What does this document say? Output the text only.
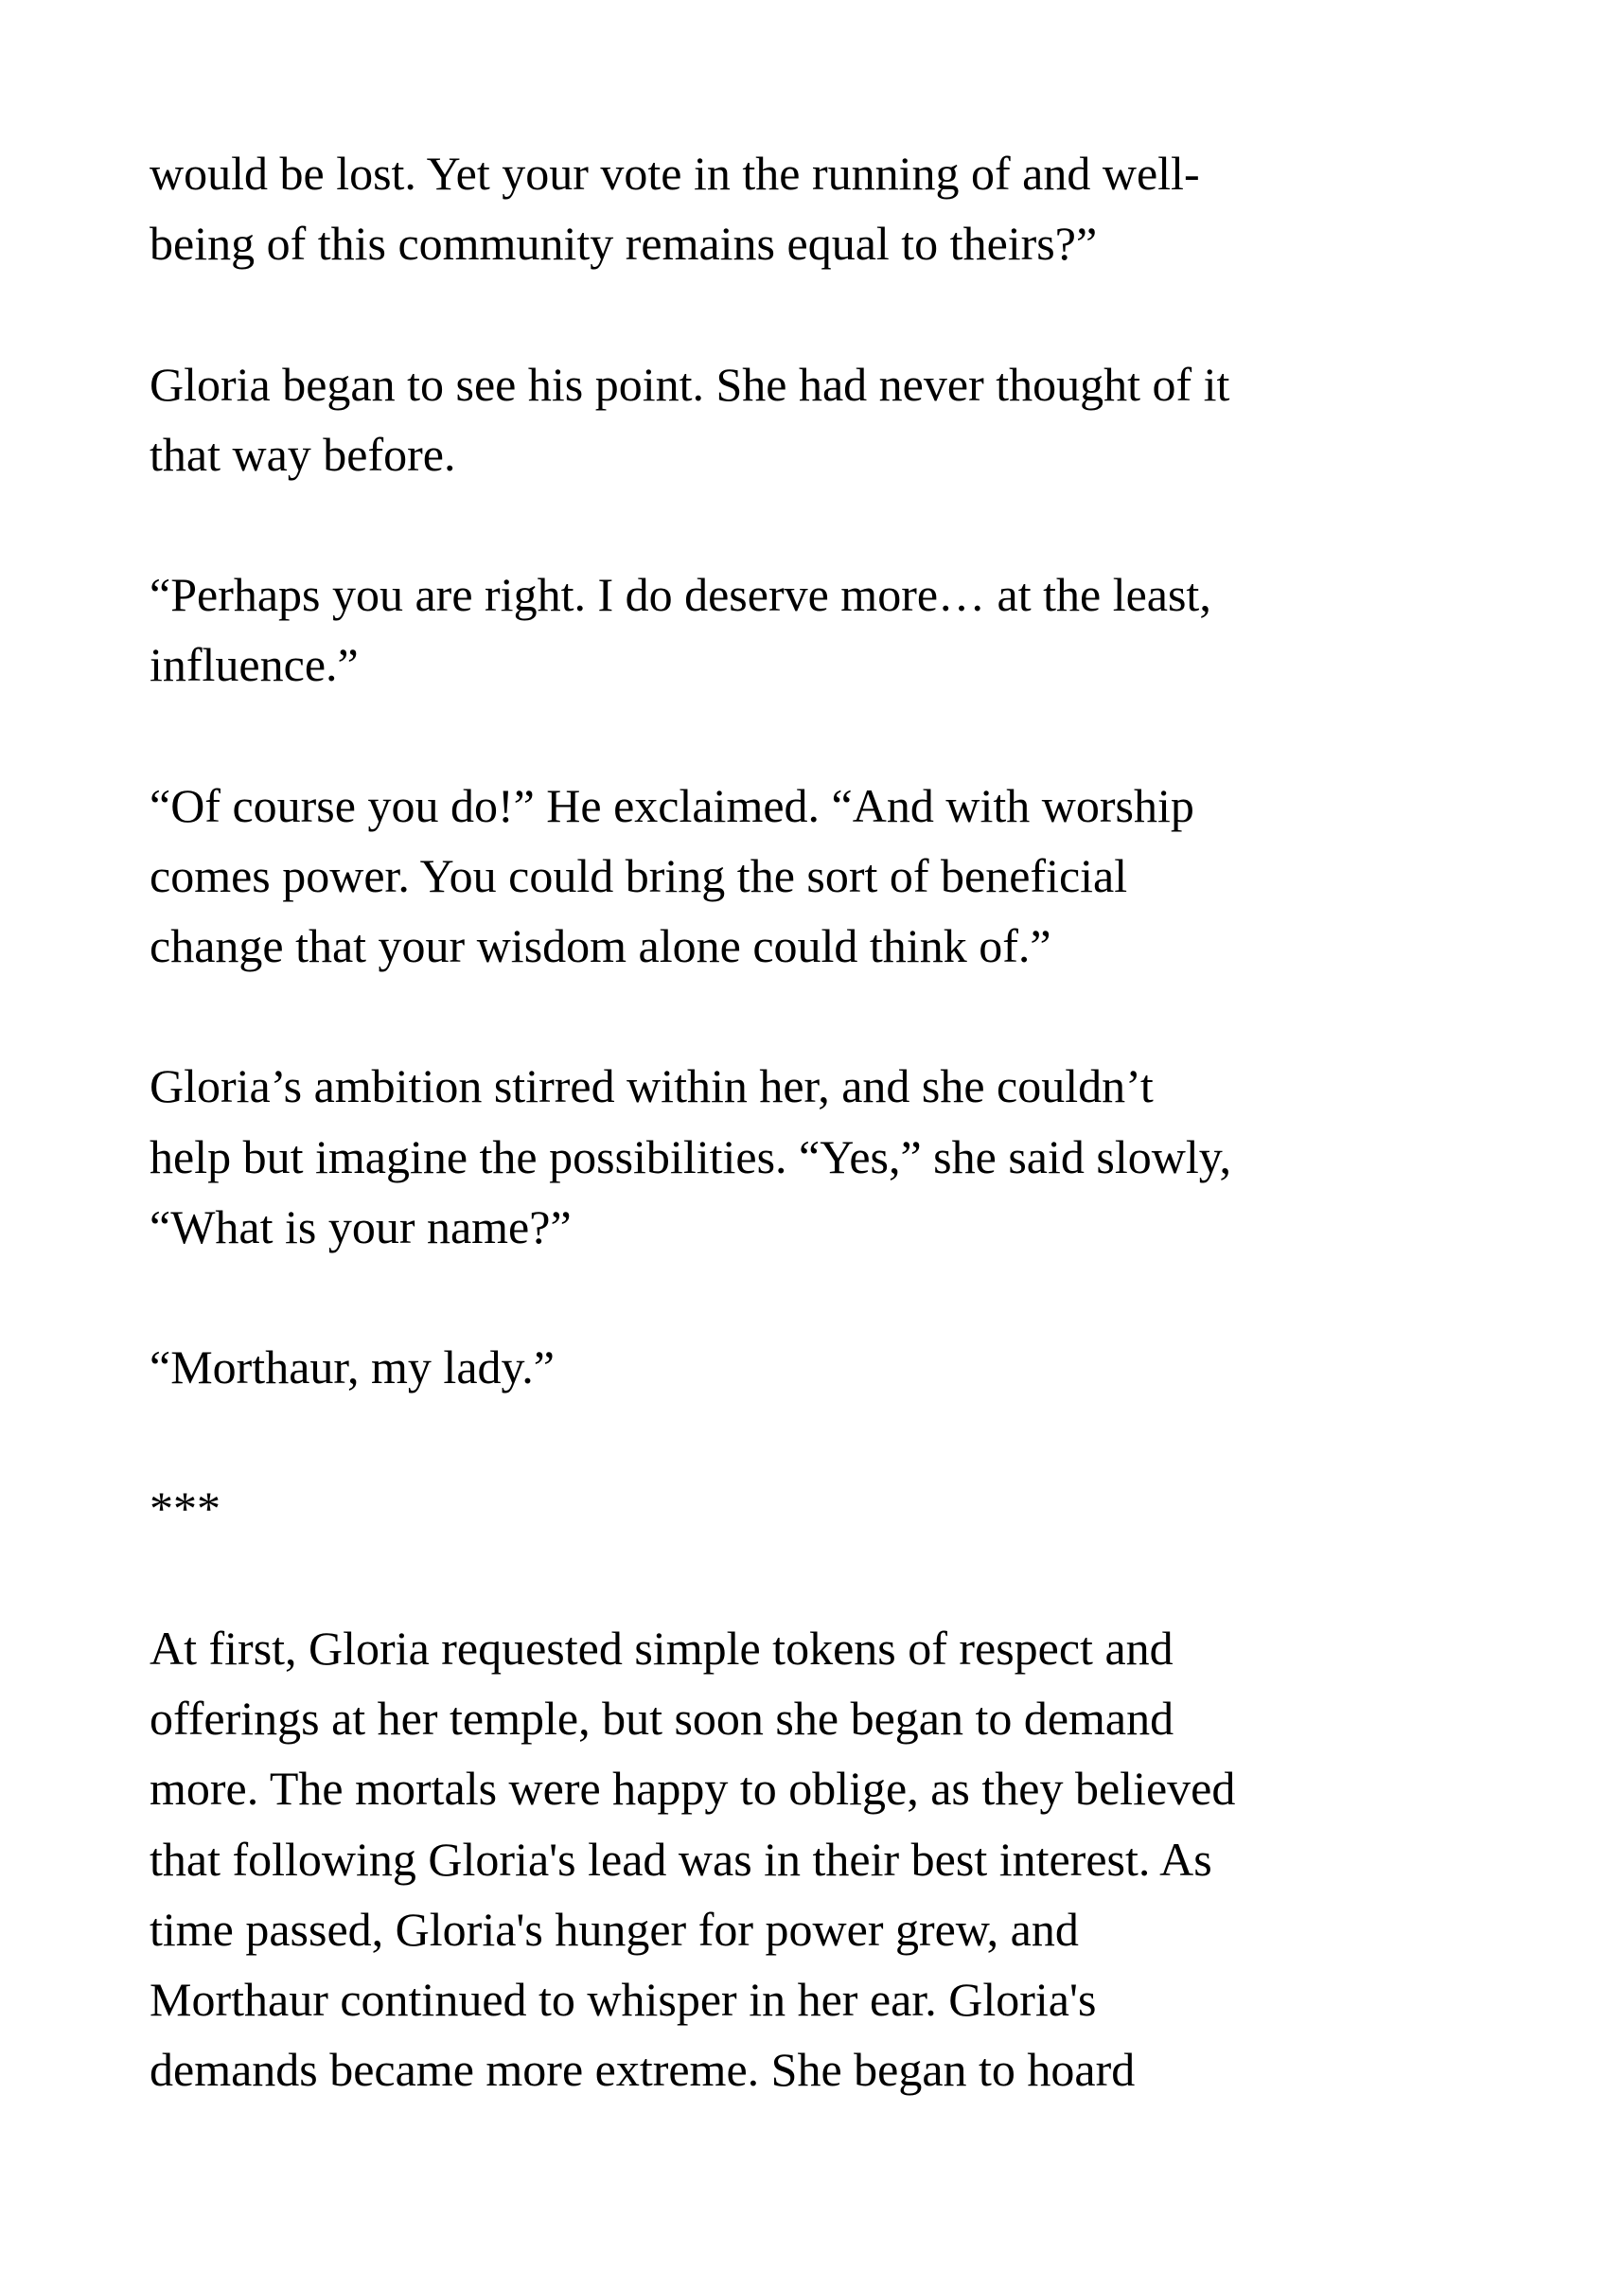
would be lost. Yet your vote in the running of and well-
being of this community remains equal to theirs?”
Gloria began to see his point. She had never thought of it
that way before.
“Perhaps you are right. I do deserve more… at the least,
influence.”
“Of course you do!” He exclaimed. “And with worship
comes power. You could bring the sort of beneficial
change that your wisdom alone could think of.”
Gloria’s ambition stirred within her, and she couldn’t
help but imagine the possibilities. “Yes,” she said slowly,
“What is your name?”
“Morthaur, my lady.”
***
At first, Gloria requested simple tokens of respect and
offerings at her temple, but soon she began to demand
more. The mortals were happy to oblige, as they believed
that following Gloria's lead was in their best interest. As
time passed, Gloria's hunger for power grew, and
Morthaur continued to whisper in her ear. Gloria's
demands became more extreme. She began to hoard
